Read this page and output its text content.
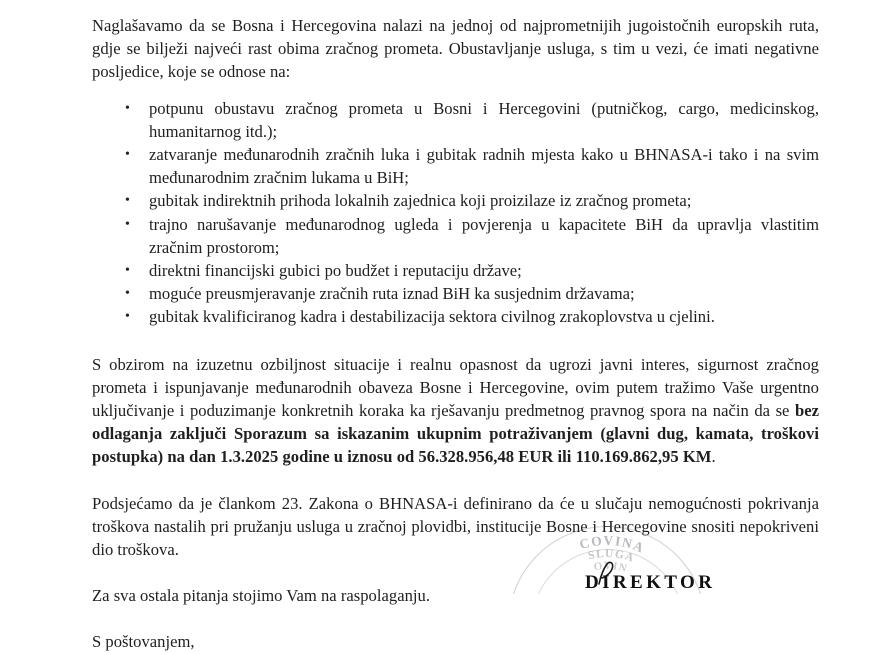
Naglašavamo da se Bosna i Hercegovina nalazi na jednoj od najprometnijih jugoistočnih europskih ruta, gdje se bilježi najveći rast obima zračnog prometa. Obustavljanje usluga, s tim u vezi, će imati negativne posljedice, koje se odnose na:

• potpunu obustavu zračnog prometa u Bosni i Hercegovini (putničkog, cargo, medicinskog, humanitarnog itd.);
• zatvaranje međunarodnih zračnih luka i gubitak radnih mjesta kako u BHNASA-i tako i na svim međunarodnim zračnim lukama u BiH;
• gubitak indirektnih prihoda lokalnih zajednica koji proizilaze iz zračnog prometa;
• trajno narušavanje međunarodnog ugleda i povjerenja u kapacitete BiH da upravlja vlastitim zračnim prostorom;
• direktni financijski gubici po budžet i reputaciju države;
• moguće preusmjeravanje zračnih ruta iznad BiH ka susjednim državama;
• gubitak kvalificiranog kadra i destabilizacija sektora civilnog zrakoplovstva u cjelini.

S obzirom na izuzetnu ozbiljnost situacije i realnu opasnost da ugrozi javni interes, sigurnost zračnog prometa i ispunjavanje međunarodnih obaveza Bosne i Hercegovine, ovim putem tražimo Vaše urgentno uključivanje i poduzimanje konkretnih koraka ka rješavanju predmetnog pravnog spora na način da se bez odlaganja zaključi Sporazum sa iskazanim ukupnim potraživanjem (glavni dug, kamata, troškovi postupka) na dan 1.3.2025 godine u iznosu od 56.328.956,48 EUR ili 110.169.862,95 KM.

Podsjećamo da je člankom 23. Zakona o BHNASA-i definirano da će u slučaju nemogućnosti pokrivanja troškova nastalih pri pružanju usluga u zračnoj plovidbi, institucije Bosne i Hercegovine snositi nepokriveni dio troškova.

Za sva ostala pitanja stojimo Vam na raspolaganju.

S poštovanjem,

COVINA
SLUGA
OVIN
DIREKTOR
